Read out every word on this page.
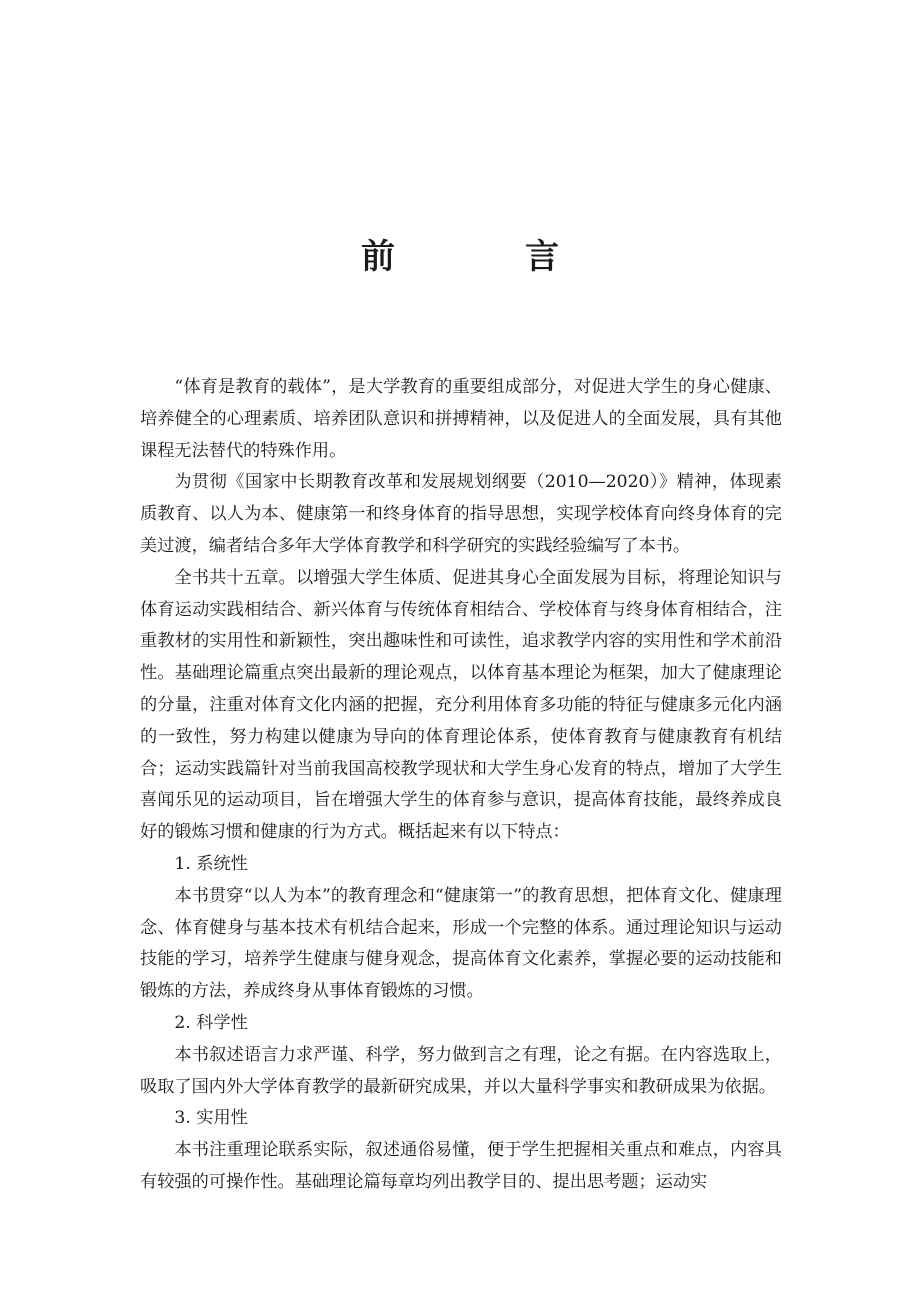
前　言

“体育是教育的载体”，是大学教育的重要组成部分，对促进大学生的身心健康、培养健全的心理素质、培养团队意识和拼搏精神，以及促进人的全面发展，具有其他课程无法替代的特殊作用。

为贯彻《国家中长期教育改革和发展规划纲要（2010—2020）》精神，体现素质教育、以人为本、健康第一和终身体育的指导思想，实现学校体育向终身体育的完美过渡，编者结合多年大学体育教学和科学研究的实践经验编写了本书。

全书共十五章。以增强大学生体质、促进其身心全面发展为目标，将理论知识与体育运动实践相结合、新兴体育与传统体育相结合、学校体育与终身体育相结合，注重教材的实用性和新颖性，突出趣味性和可读性，追求教学内容的实用性和学术前沿性。基础理论篇重点突出最新的理论观点，以体育基本理论为框架，加大了健康理论的分量，注重对体育文化内涵的把握，充分利用体育多功能的特征与健康多元化内涵的一致性，努力构建以健康为导向的体育理论体系，使体育教育与健康教育有机结合；运动实践篇针对当前我国高校教学现状和大学生身心发育的特点，增加了大学生喜闻乐见的运动项目，旨在增强大学生的体育参与意识，提高体育技能，最终养成良好的锻炼习惯和健康的行为方式。概括起来有以下特点：

1. 系统性

本书贯穿“以人为本”的教育理念和“健康第一”的教育思想，把体育文化、健康理念、体育健身与基本技术有机结合起来，形成一个完整的体系。通过理论知识与运动技能的学习，培养学生健康与健身观念，提高体育文化素养，掌握必要的运动技能和锻炼的方法，养成终身从事体育锻炼的习惯。

2. 科学性

本书叙述语言力求严谨、科学，努力做到言之有理，论之有据。在内容选取上，吸取了国内外大学体育教学的最新研究成果，并以大量科学事实和教研成果为依据。

3. 实用性

本书注重理论联系实际，叙述通俗易懂，便于学生把握相关重点和难点，内容具有较强的可操作性。基础理论篇每章均列出教学目的、提出思考题；运动实
